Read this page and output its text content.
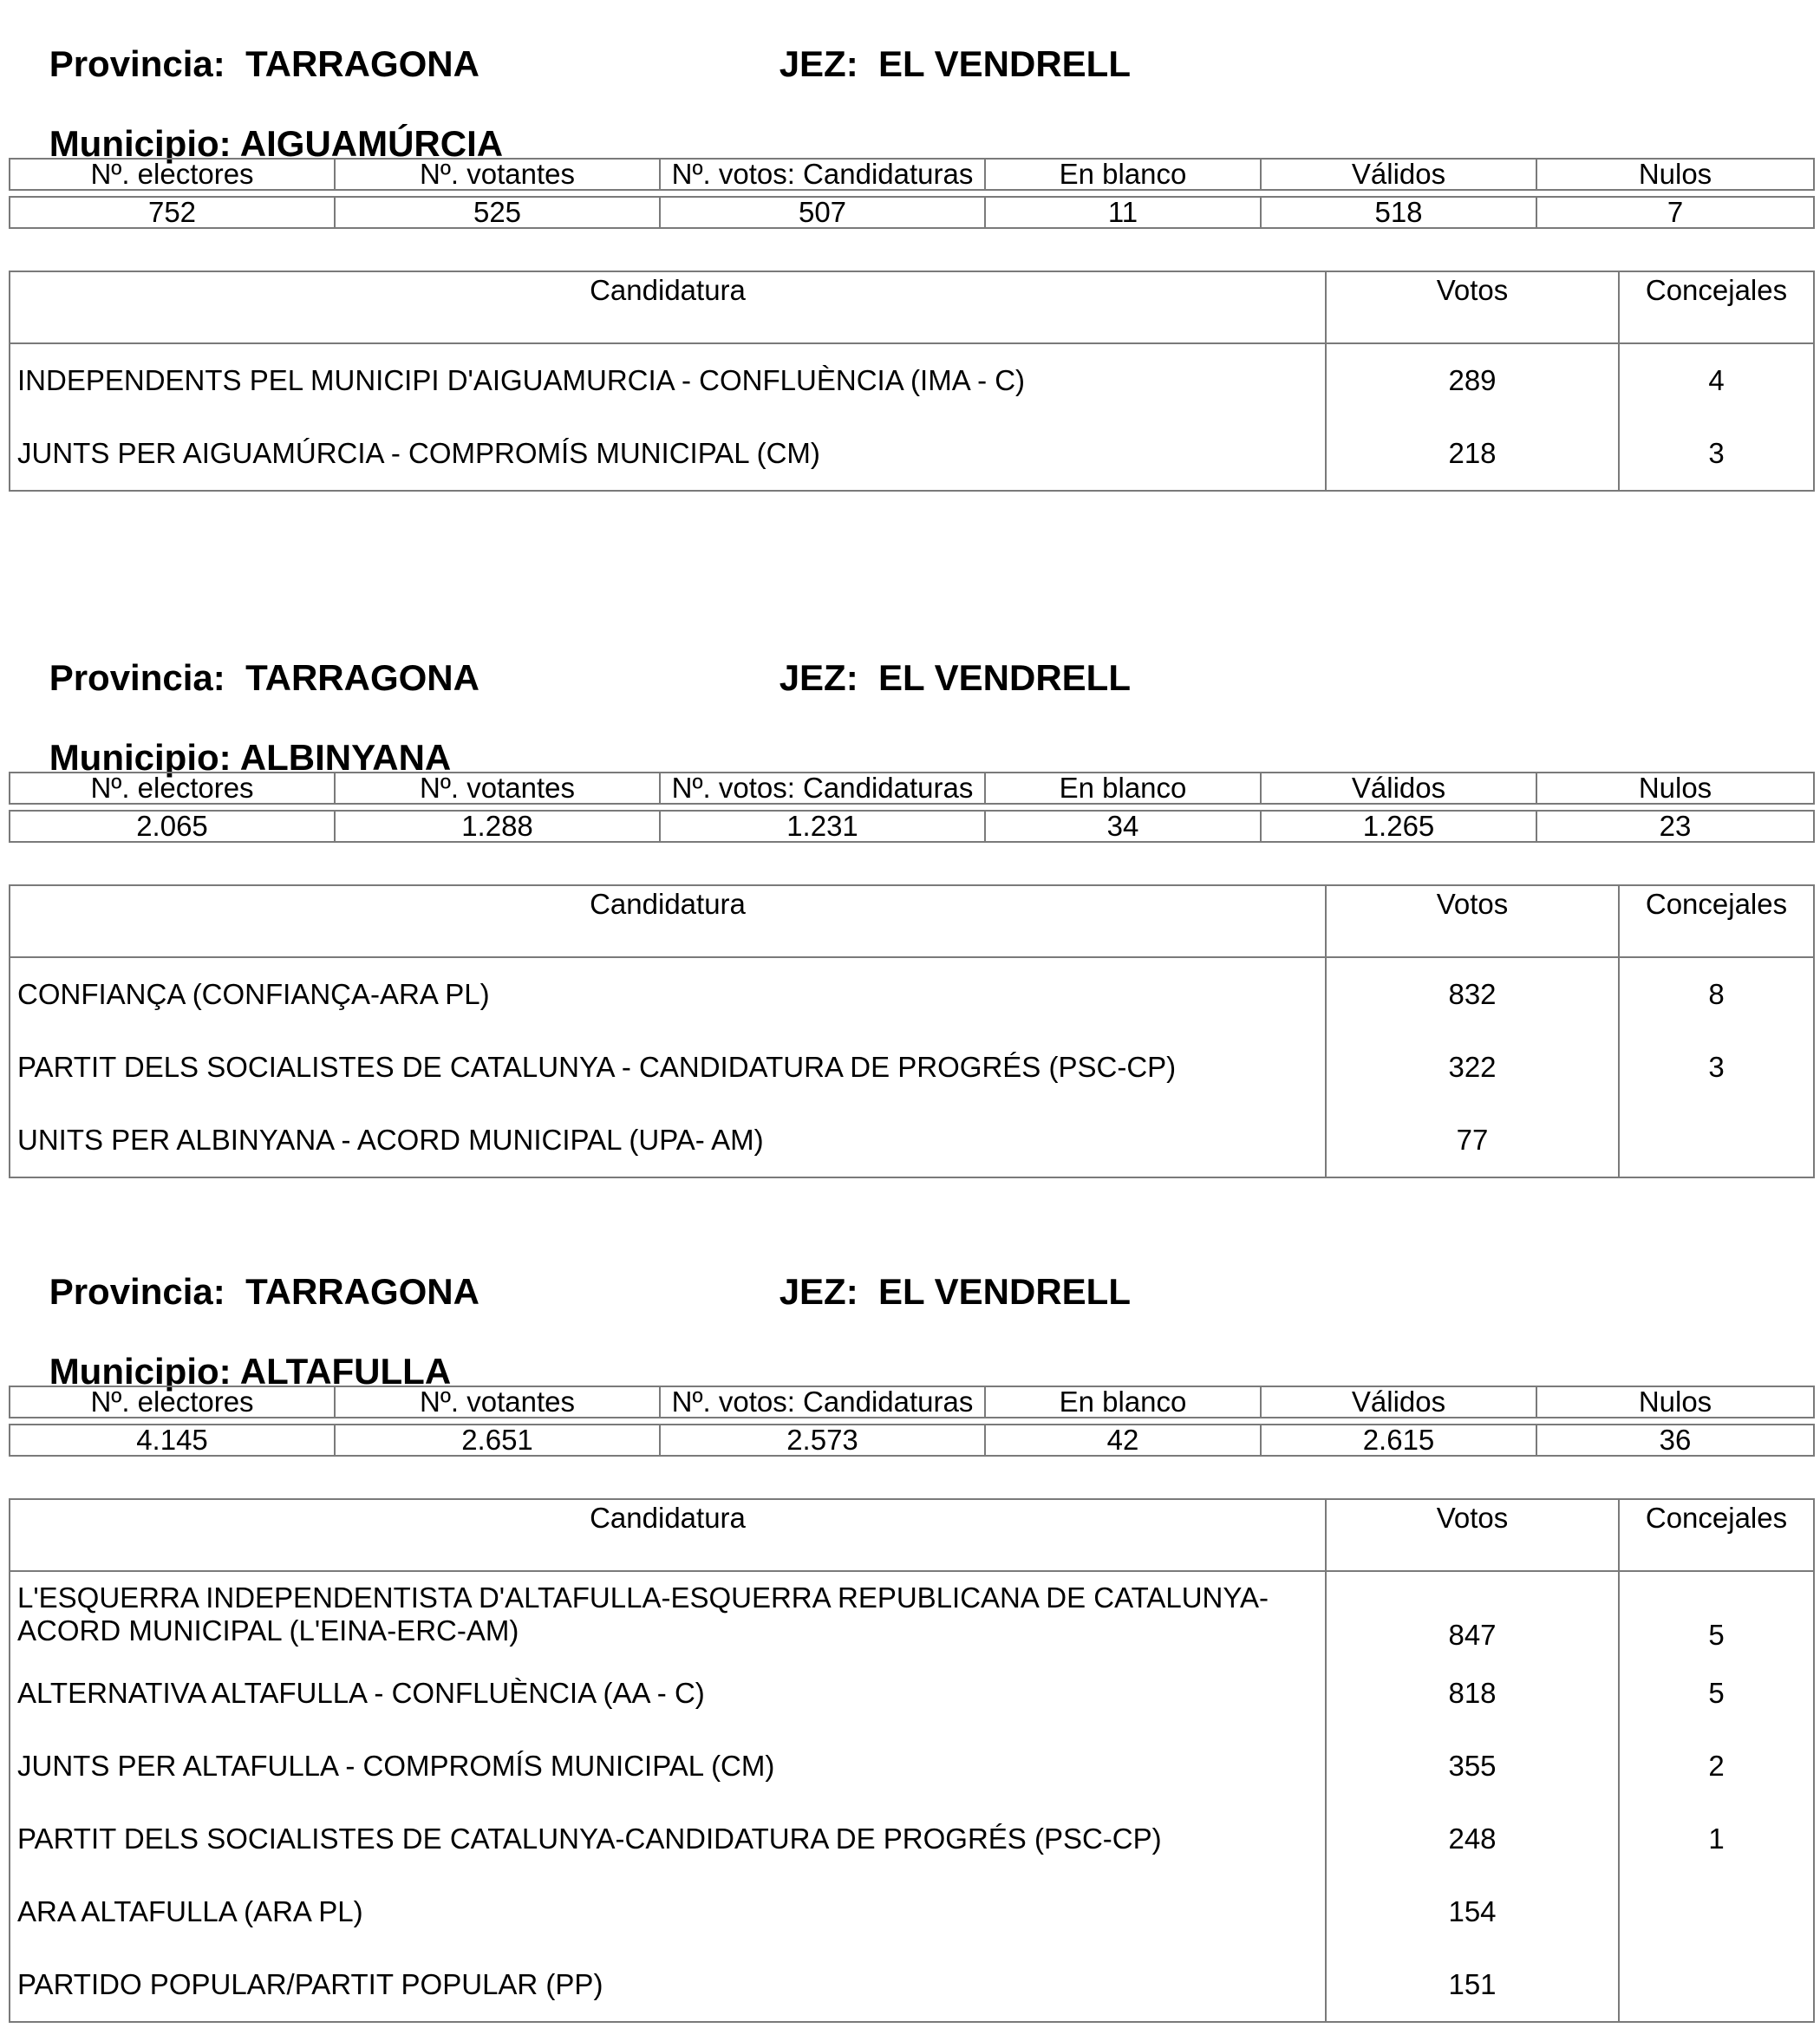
Provincia: TARRAGONA
	JEZ: EL VENDRELL

Municipio: AIGUAMÚRCIA

Nº. electores	Nº. votantes	Nº. votos: Candidaturas	En blanco	Válidos	Nulos

752	525	507	11	518	7
Candidatura	Votos	Concejales
INDEPENDENTS PEL MUNICIPI D'AIGUAMURCIA - CONFLUÈNCIA (IMA - C)	289	4
JUNTS PER AIGUAMÚRCIA - COMPROMÍS MUNICIPAL (CM)	218	3

Provincia: TARRAGONA
	JEZ: EL VENDRELL

Municipio: ALBINYANA

Nº. electores	Nº. votantes	Nº. votos: Candidaturas	En blanco	Válidos	Nulos

2.065	1.288	1.231	34	1.265	23
Candidatura	Votos	Concejales
CONFIANÇA (CONFIANÇA-ARA PL)	832	8
PARTIT DELS SOCIALISTES DE CATALUNYA - CANDIDATURA DE PROGRÉS (PSC-CP)	322	3
UNITS PER ALBINYANA - ACORD MUNICIPAL (UPA- AM)	77	

Provincia: TARRAGONA
	JEZ: EL VENDRELL

Municipio: ALTAFULLA

Nº. electores	Nº. votantes	Nº. votos: Candidaturas	En blanco	Válidos	Nulos

4.145	2.651	2.573	42	2.615	36
Candidatura	Votos	Concejales

L'ESQUERRA INDEPENDENTISTA D'ALTAFULLA-ESQUERRA REPUBLICANA DE CATALUNYA-
ACORD MUNICIPAL (L'EINA-ERC-AM)	847	5
ALTERNATIVA ALTAFULLA - CONFLUÈNCIA (AA - C)	818	5
JUNTS PER ALTAFULLA - COMPROMÍS MUNICIPAL (CM)	355	2
PARTIT DELS SOCIALISTES DE CATALUNYA-CANDIDATURA DE PROGRÉS (PSC-CP)	248	1
ARA ALTAFULLA (ARA PL)	154	
PARTIDO POPULAR/PARTIT POPULAR (PP)	151	
